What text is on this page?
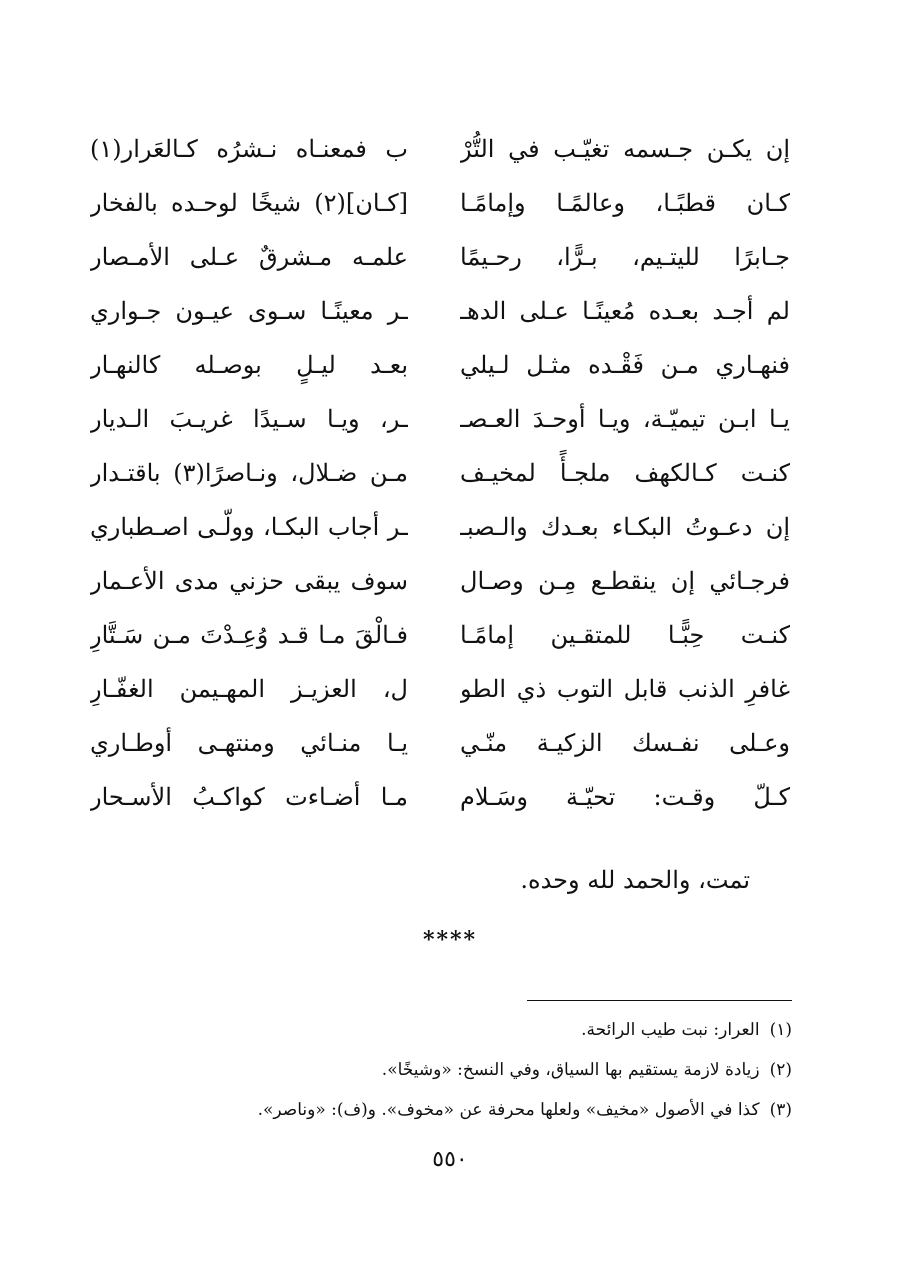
إن يكـن جـسمه تغيّـب في التُّرْ
ب فمعنـاه نـشرُه كـالعَرار(١)
كـان قطبًـا، وعالمًـا وإمامًـا
[كـان](٢) شيخًا لوحـده بالفخار
جـابرًا لليتـيم، بـرًّا، رحـيمًا
علمـه مـشرقٌ عـلى الأمـصار
لم أجـد بعـده مُعينًـا عـلى الدهـ
ـر معينًـا سـوى عيـون جـواري
فنهـاري مـن فَقْـده مثـل لـيلي
بعـد ليـلٍ بوصـله كالنهـار
يـا ابـن تيميّـة، ويـا أوحـدَ العـصـ
ـر، ويـا سـيدًا غريـبَ الـديار
كنـت كـالكهف ملجـأً لمخيـف
مـن ضـلال، ونـاصرًا(٣) باقتـدار
إن دعـوتُ البكـاء بعـدك والـصبـ
ـر أجاب البكـا، وولّـى اصـطباري
فرجـائي إن ينقطـع مِـن وصـال
سوف يبقى حزني مدى الأعـمار
كنـت حِبًّـا للمتقـين إمامًـا
فـالْقَ مـا قـد وُعِـدْتَ مـن سَـتَّارِ
غافرِ الذنب قابل التوب ذي الطو
ل، العزيـز المهـيمن الغفّـارِ
وعـلى نفـسك الزكيـة منّـي
يـا منـائي ومنتهـى أوطـاري
كـلّ وقـت: تحيّـة وسَـلام
مـا أضـاءت كواكـبُ الأسـحار
تمت، والحمد لله وحده.
****
(١)العرار: نبت طيب الرائحة.
(٢)زيادة لازمة يستقيم بها السياق، وفي النسخ: «وشيخًا».
(٣)كذا في الأصول «مخيف» ولعلها محرفة عن «مخوف». و(ف): «وناصر».
٥٥٠
